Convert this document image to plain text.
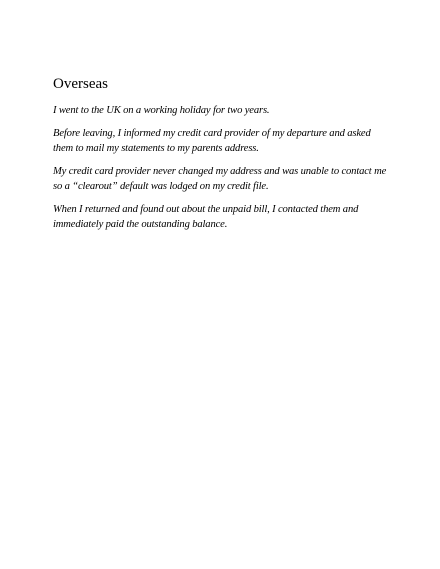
Overseas

I went to the UK on a working holiday for two years.

Before leaving, I informed my credit card provider of my departure and asked them to mail my statements to my parents address.

My credit card provider never changed my address and was unable to contact me so a “clearout” default was lodged on my credit file.

When I returned and found out about the unpaid bill, I contacted them and immediately paid the outstanding balance.
